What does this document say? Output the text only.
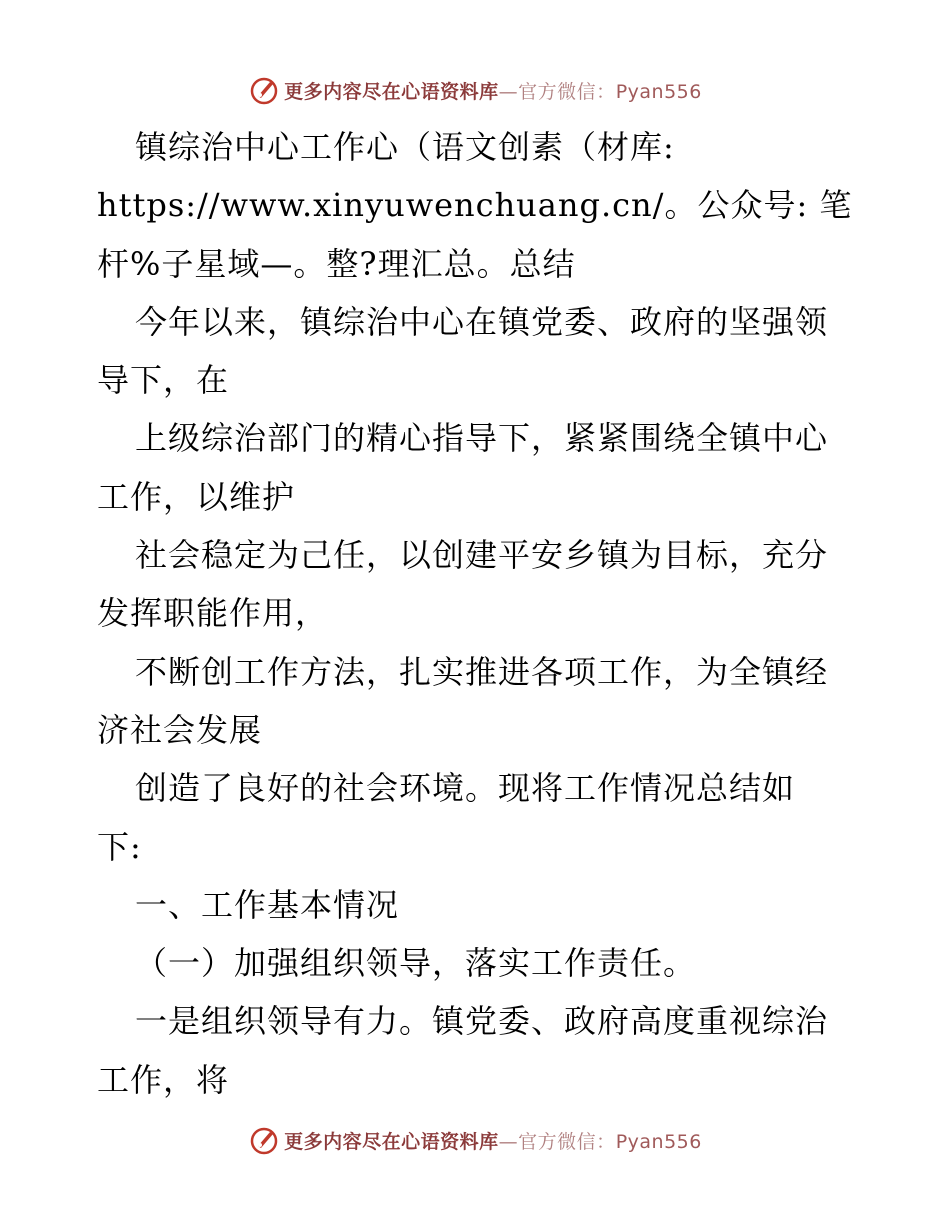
更多内容尽在心语资料库—官方微信：Pyan556
镇综治中心工作心（语文创素（材库:
https://www.xinyuwenchuang.cn/。公众号: 笔
杆%子星域—。整?理汇总。总结
今年以来，镇综治中心在镇党委、政府的坚强领
导下，在
上级综治部门的精心指导下，紧紧围绕全镇中心
工作，以维护
社会稳定为己任，以创建平安乡镇为目标，充分
发挥职能作用，
不断创工作方法，扎实推进各项工作，为全镇经
济社会发展
创造了良好的社会环境。现将工作情况总结如
下:
一、工作基本情况
（一）加强组织领导，落实工作责任。
一是组织领导有力。镇党委、政府高度重视综治
工作，将
更多内容尽在心语资料库—官方微信：Pyan556
